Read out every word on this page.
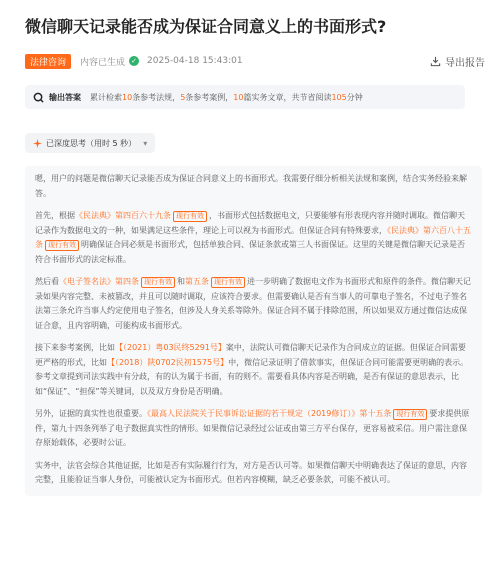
微信聊天记录能否成为保证合同意义上的书面形式?
法律咨询	内容已生成 ✓ 2025-04-18 15:43:01	导出报告
输出答案 累计检索10条参考法规，5条参考案例，10篇实务文章，共节省阅读105分钟
已深度思考（用时 5 秒） ▾

嗯，用户的问题是微信聊天记录能否成为保证合同意义上的书面形式。我需要仔细分析相关法规和案例，结合实务经验来解答。

首先，根据《民法典》第四百六十九条 现行有效 ，书面形式包括数据电文，只要能够有形表现内容并随时调取。微信聊天记录作为数据电文的一种，如果满足这些条件，理论上可以视为书面形式。但保证合同有特殊要求，《民法典》第六百八十五条 现行有效 明确保证合同必须是书面形式，包括单独合同、保证条款或第三人书面保证。这里的关键是微信聊天记录是否符合书面形式的法定标准。

然后看《电子签名法》第四条 现行有效 和第五条 现行有效 进一步明确了数据电文作为书面形式和原件的条件。微信聊天记录如果内容完整、未被篡改，并且可以随时调取，应该符合要求。但需要确认是否有当事人的可靠电子签名，不过电子签名法第三条允许当事人约定使用电子签名，但涉及人身关系等除外。保证合同不属于排除范围，所以如果双方通过微信达成保证合意，且内容明确，可能构成书面形式。

接下来参考案例，比如【（2021）粤03民终5291号】案中，法院认可微信聊天记录作为合同成立的证据。但保证合同需要更严格的形式，比如【（2018）陕0702民初1575号】中，微信记录证明了借款事实，但保证合同可能需要更明确的表示。参考文章提到司法实践中有分歧，有的认为属于书面，有的则不。需要看具体内容是否明确，是否有保证的意思表示，比如“保证”、“担保”等关键词，以及双方身份是否明确。

另外，证据的真实性也很重要。《最高人民法院关于民事诉讼证据的若干规定（2019修订）》第十五条 现行有效 要求提供原件，第九十四条列举了电子数据真实性的情形。如果微信记录经过公证或由第三方平台保存，更容易被采信。用户需注意保存原始载体，必要时公证。

实务中，法官会综合其他证据，比如是否有实际履行行为，对方是否认可等。如果微信聊天中明确表达了保证的意思，内容完整，且能验证当事人身份，可能被认定为书面形式。但若内容模糊，缺乏必要条款，可能不被认可。
